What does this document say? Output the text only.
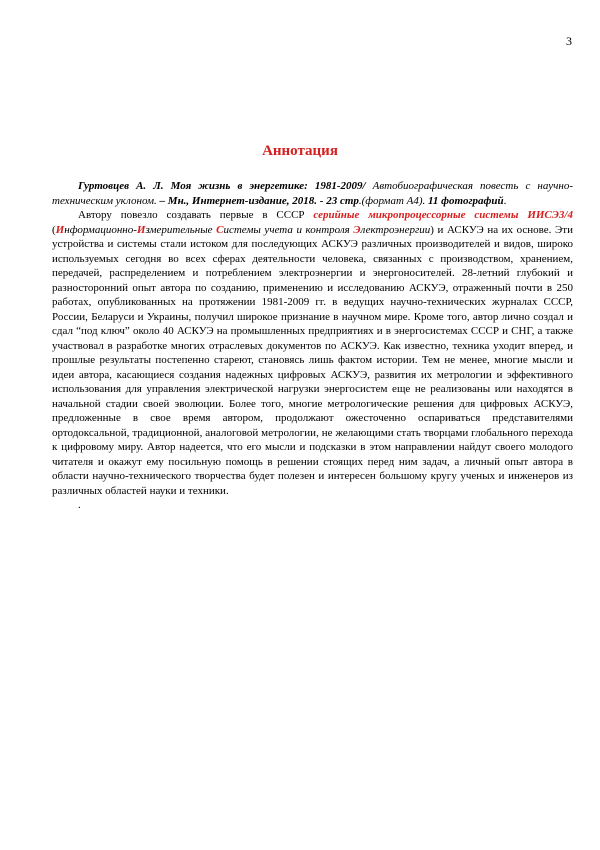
3
Аннотация

Гуртовцев А. Л. Моя жизнь в энергетике: 1981-2009/ Автобиографическая повесть с научно-техническим уклоном. – Мн., Интернет-издание, 2018. - 23 стр.(формат А4). 11 фотографий.

Автору повезло создавать первые в СССР серийные микропроцессорные системы ИИСЭ3/4 (Информационно-Измерительные Системы учета и контроля Электроэнергии) и АСКУЭ на их основе. Эти устройства и системы стали истоком для последующих АСКУЭ различных производителей и видов, широко используемых сегодня во всех сферах деятельности человека, связанных с производством, хранением, передачей, распределением и потреблением электроэнергии и энергоносителей. 28-летний глубокий и разносторонний опыт автора по созданию, применению и исследованию АСКУЭ, отраженный почти в 250 работах, опубликованных на протяжении 1981-2009 гг. в ведущих научно-технических журналах СССР, России, Беларуси и Украины, получил широкое признание в научном мире. Кроме того, автор лично создал и сдал “под ключ” около 40 АСКУЭ на промышленных предприятиях и в энергосистемах СССР и СНГ, а также участвовал в разработке многих отраслевых документов по АСКУЭ. Как известно, техника уходит вперед, и прошлые результаты постепенно стареют, становясь лишь фактом истории. Тем не менее, многие мысли и идеи автора, касающиеся создания надежных цифровых АСКУЭ, развития их метрологии и эффективного использования для управления электрической нагрузки энергосистем еще не реализованы или находятся в начальной стадии своей эволюции. Более того, многие метрологические решения для цифровых АСКУЭ, предложенные в свое время автором, продолжают ожесточенно оспариваться представителями ортодоксальной, традиционной, аналоговой метрологии, не желающими стать творцами глобального перехода к цифровому миру. Автор надеется, что его мысли и подсказки в этом направлении найдут своего молодого читателя и окажут ему посильную помощь в решении стоящих перед ним задач, а личный опыт автора в области научно-технического творчества будет полезен и интересен большому кругу ученых и инженеров из различных областей науки и техники.

.
